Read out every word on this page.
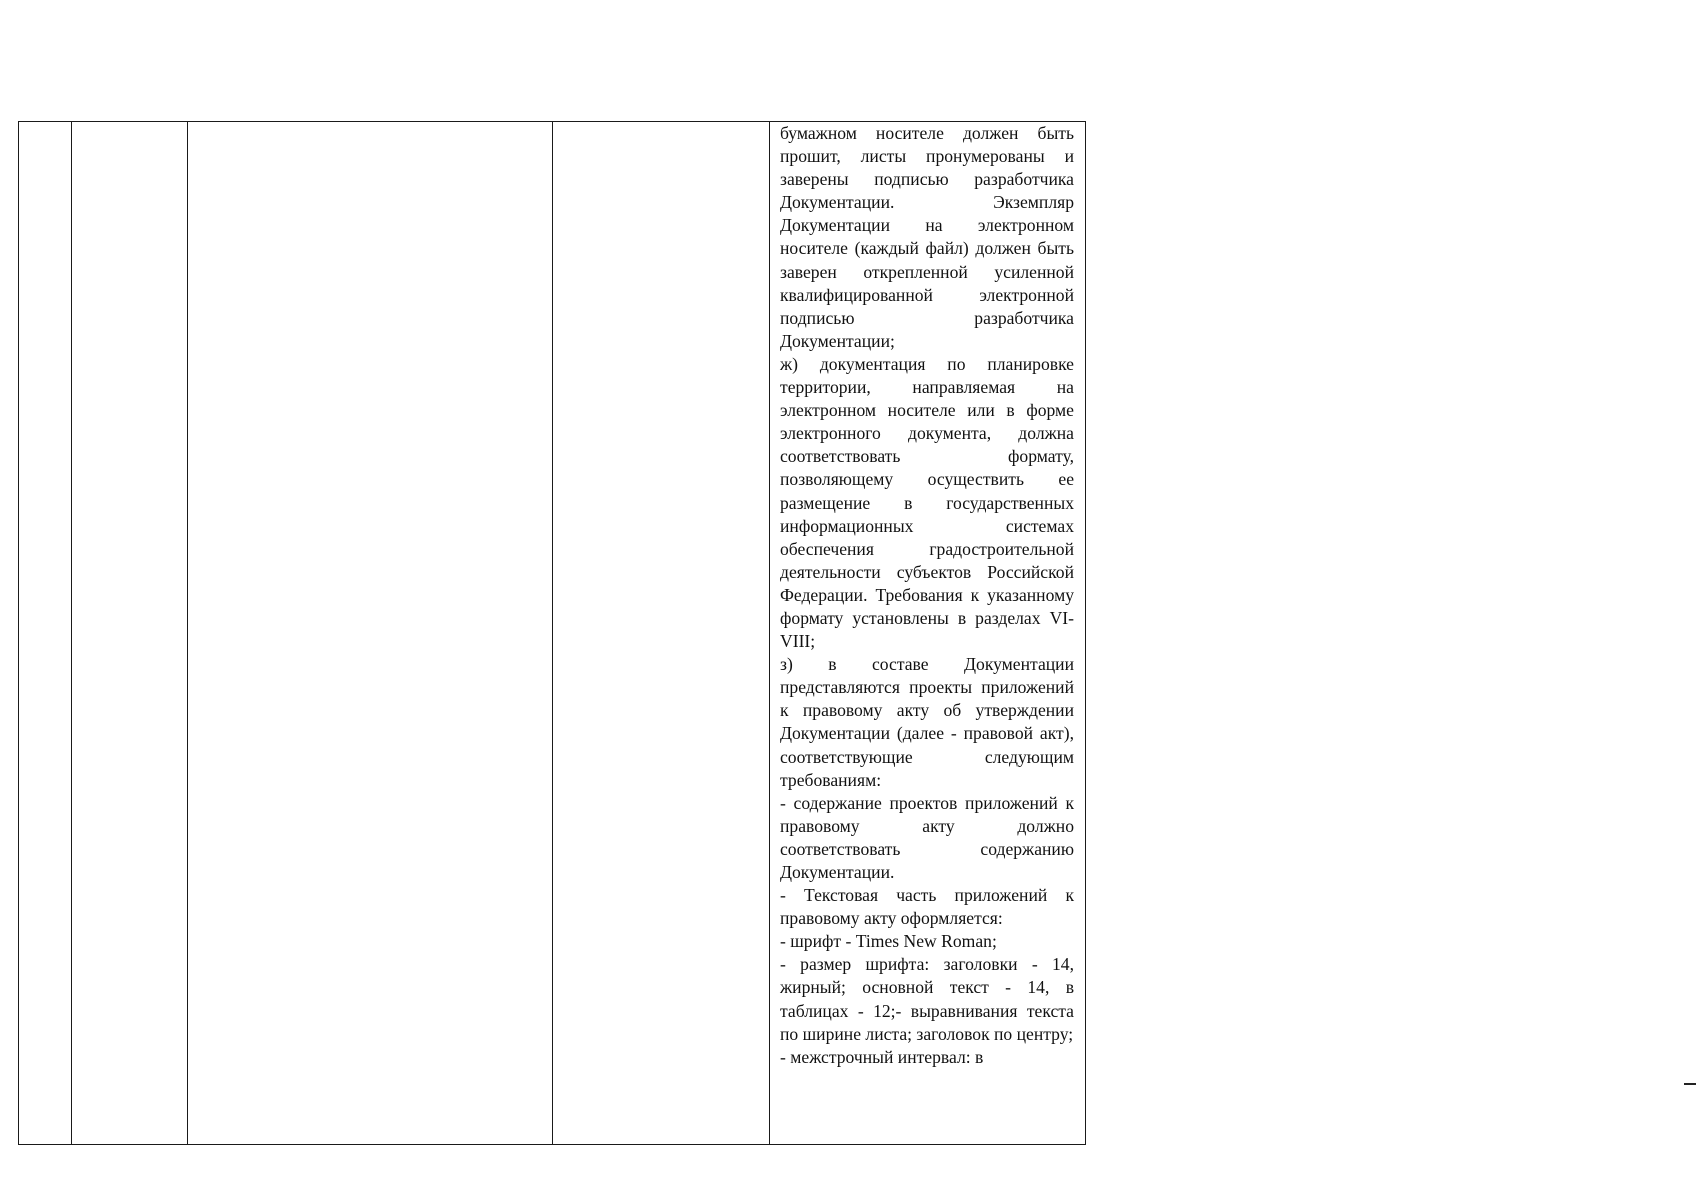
бумажном носителе должен быть прошит, листы пронумерованы и заверены подписью разработчика Документации. Экземпляр Документации на электронном носителе (каждый файл) должен быть заверен открепленной усиленной квалифицированной электронной подписью разработчика Документации;

ж) документация по планировке территории, направляемая на электронном носителе или в форме электронного документа, должна соответствовать формату, позволяющему осуществить ее размещение в государственных информационных системах обеспечения градостроительной деятельности субъектов Российской Федерации. Требования к указанному формату установлены в разделах VI-VIII;

з) в составе Документации представляются проекты приложений к правовому акту об утверждении Документации (далее - правовой акт), соответствующие следующим требованиям:

- содержание проектов приложений к правовому акту должно соответствовать содержанию Документации.

- Текстовая часть приложений к правовому акту оформляется:

- шрифт - Times New Roman;

- размер шрифта: заголовки - 14, жирный; основной текст - 14, в таблицах - 12;- выравнивания текста по ширине листа; заголовок по центру;

- межстрочный интервал: в
